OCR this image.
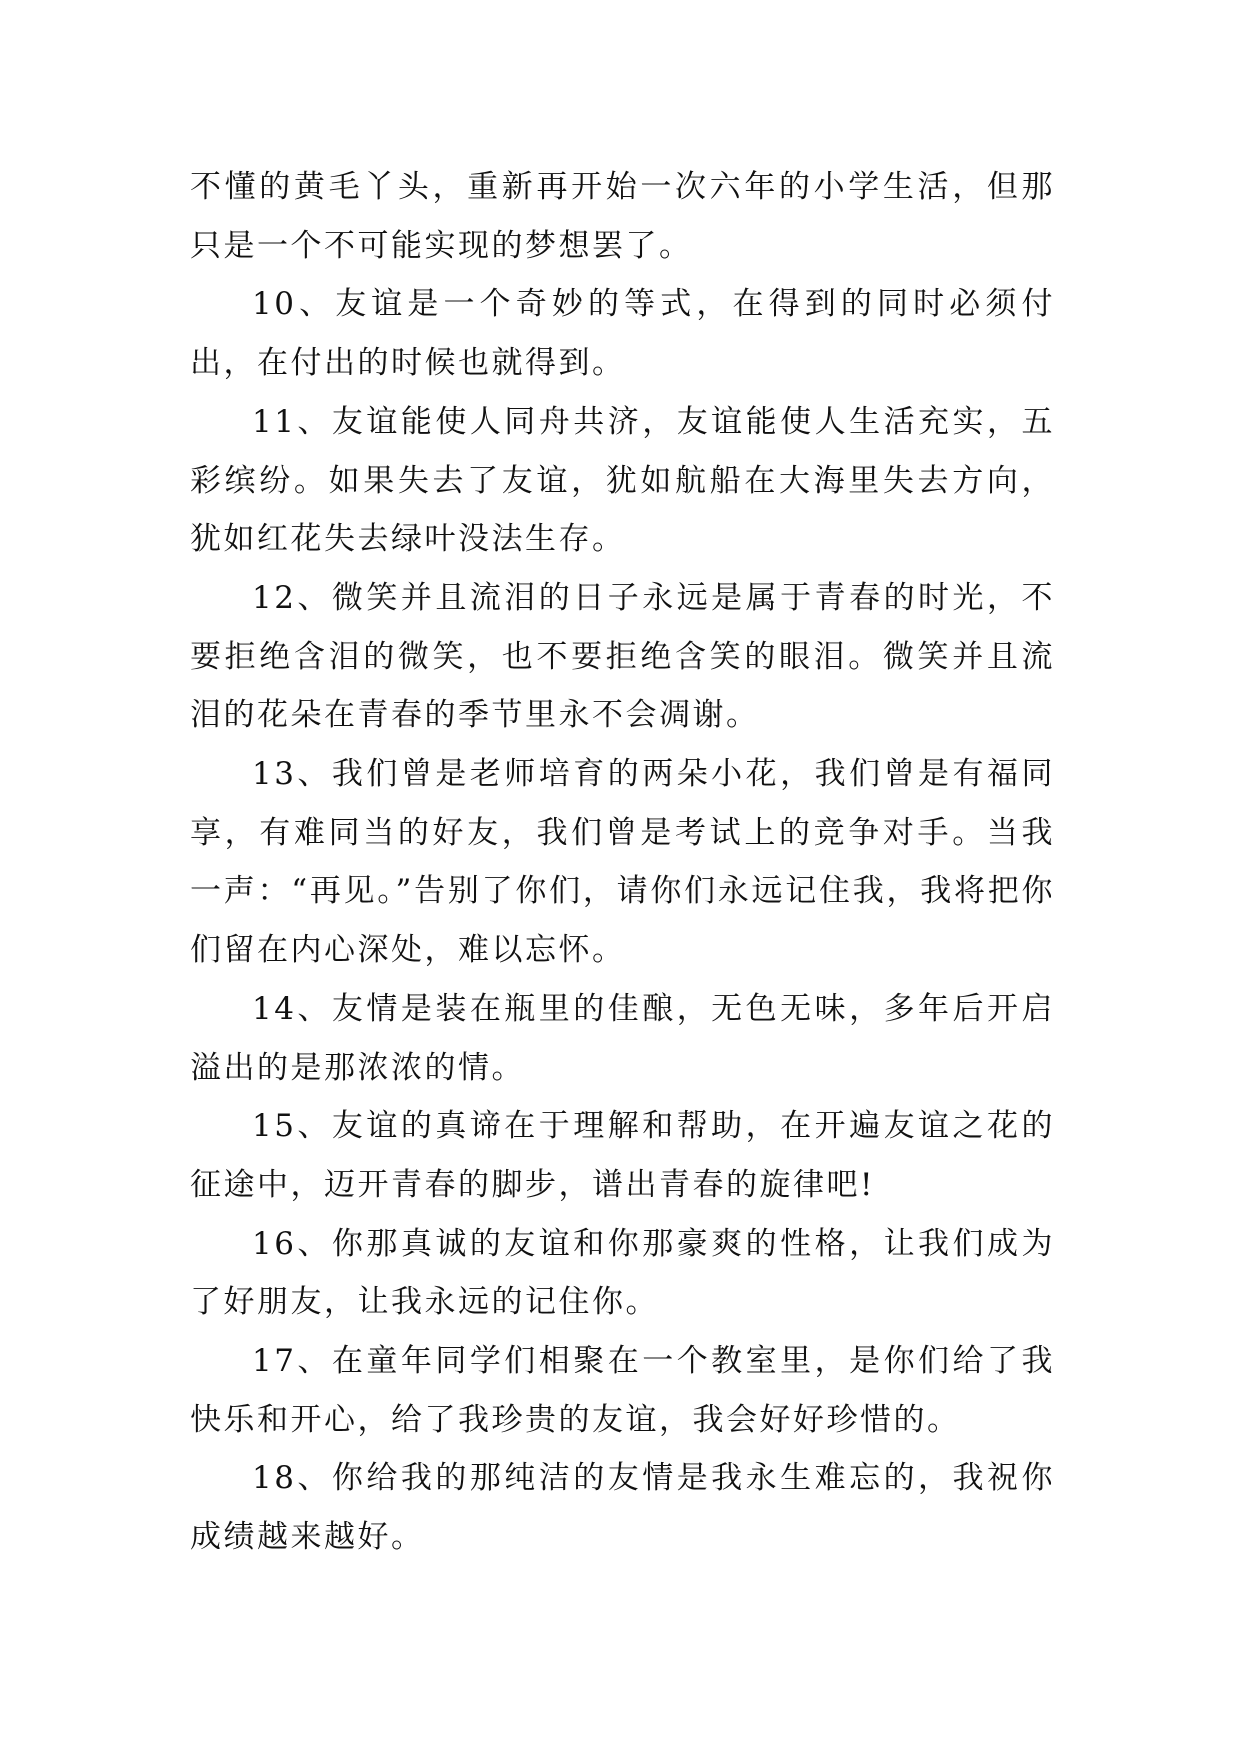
不懂的黄毛丫头，重新再开始一次六年的小学生活，但那只是一个不可能实现的梦想罢了。

10、友谊是一个奇妙的等式，在得到的同时必须付出，在付出的时候也就得到。

11、友谊能使人同舟共济，友谊能使人生活充实，五彩缤纷。如果失去了友谊，犹如航船在大海里失去方向，犹如红花失去绿叶没法生存。

12、微笑并且流泪的日子永远是属于青春的时光，不要拒绝含泪的微笑，也不要拒绝含笑的眼泪。微笑并且流泪的花朵在青春的季节里永不会凋谢。

13、我们曾是老师培育的两朵小花，我们曾是有福同享，有难同当的好友，我们曾是考试上的竞争对手。当我一声：“再见。”告别了你们，请你们永远记住我，我将把你们留在内心深处，难以忘怀。

14、友情是装在瓶里的佳酿，无色无味，多年后开启溢出的是那浓浓的情。

15、友谊的真谛在于理解和帮助，在开遍友谊之花的征途中，迈开青春的脚步，谱出青春的旋律吧!

16、你那真诚的友谊和你那豪爽的性格，让我们成为了好朋友，让我永远的记住你。

17、在童年同学们相聚在一个教室里，是你们给了我快乐和开心，给了我珍贵的友谊，我会好好珍惜的。

18、你给我的那纯洁的友情是我永生难忘的，我祝你成绩越来越好。
